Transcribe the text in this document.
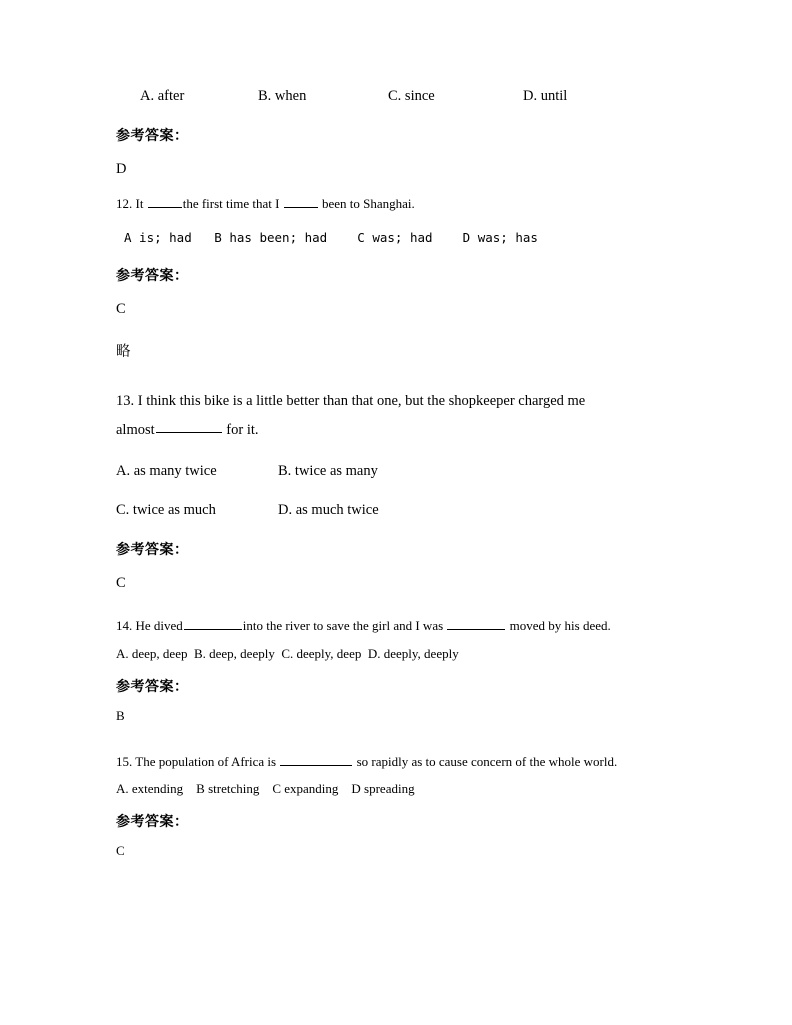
A. after	B. when	C. since	D. until
参考答案：
D
12. It	the first time that I	been to Shanghai.
A is; had   B has been; had    C was; had    D was; has
参考答案：
C
略
13. I think this bike is a little better than that one, but the shopkeeper charged me
almost	for it.
A. as many twice	B. twice as many
C. twice as much	D. as much twice
参考答案：
C
14. He dived	into the river to save the girl and I was	moved by his deed.
A. deep, deep  B. deep, deeply  C. deeply, deep  D. deeply, deeply
参考答案：
B
15. The population of Africa is	so rapidly as to cause concern of the whole world.
A. extending    B stretching    C expanding    D spreading
参考答案：
C
